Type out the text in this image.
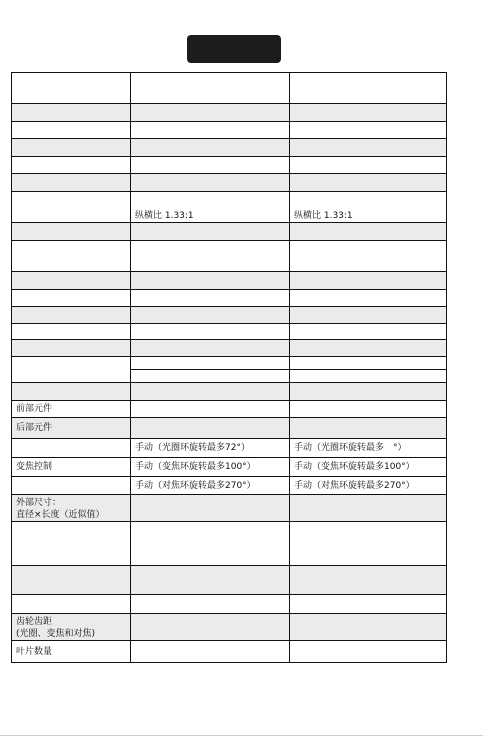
	纵横比 1.33:1	纵横比 1.33:1

前部元件		
后部元件		
	手动（光圈环旋转最多72°）	手动（光圈环旋转最多　°）
变焦控制	手动（变焦环旋转最多100°）	手动（变焦环旋转最多100°）
	手动（对焦环旋转最多270°）	手动（对焦环旋转最多270°）
外部尺寸：
直径×长度（近似值）		

齿轮齿距
(光圈、变焦和对焦)		
叶片数量		
